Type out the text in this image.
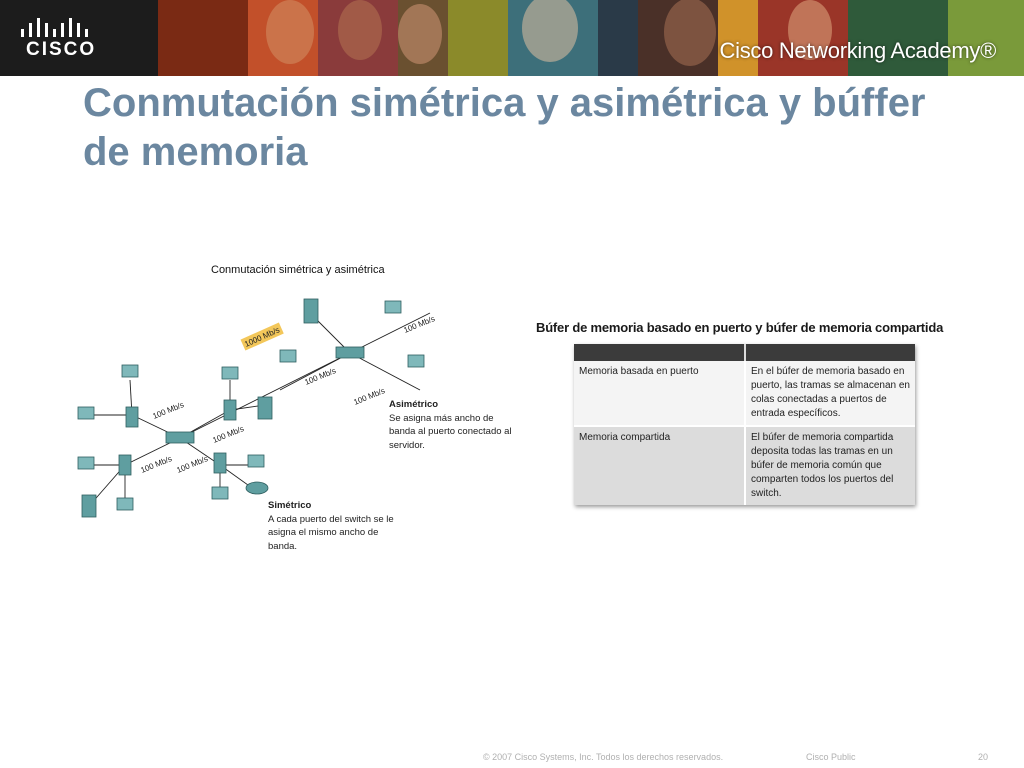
CISCO	Cisco Networking Academy®
Conmutación simétrica y asimétrica y búffer de memoria
Conmutación simétrica y asimétrica
1000 Mb/s
100 Mb/s
100 Mb/s
100 Mb/s
100 Mb/s
100 Mb/s
100 Mb/s 100 Mb/s
Asimétrico
Se asigna más ancho de banda al puerto conectado al servidor.
Simétrico
A cada puerto del switch se le asigna el mismo ancho de banda.
Búfer de memoria basado en puerto y búfer de memoria compartida

Memoria basada en puerto	En el búfer de memoria basado en puerto, las tramas se almacenan en colas conectadas a puertos de entrada específicos.
Memoria compartida	El búfer de memoria compartida deposita todas las tramas en un búfer de memoria común que comparten todos los puertos del switch.
© 2007 Cisco Systems, Inc. Todos los derechos reservados.	Cisco Public	20
